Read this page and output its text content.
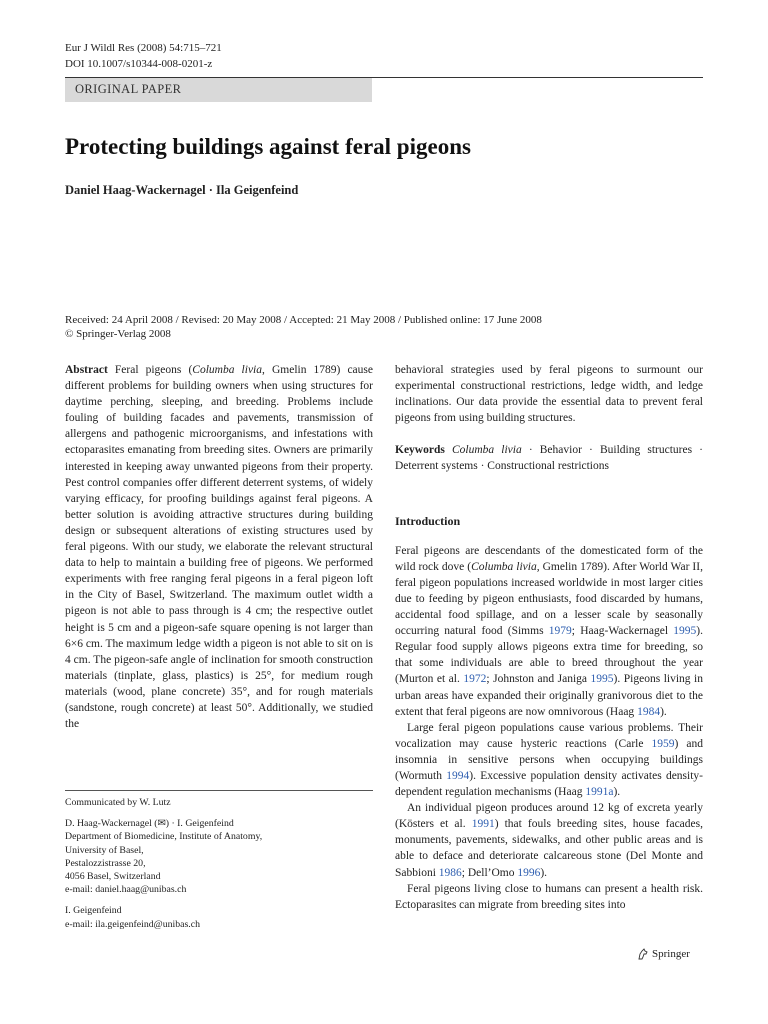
Eur J Wildl Res (2008) 54:715–721
DOI 10.1007/s10344-008-0201-z
ORIGINAL PAPER
Protecting buildings against feral pigeons
Daniel Haag-Wackernagel · Ila Geigenfeind
Received: 24 April 2008 / Revised: 20 May 2008 / Accepted: 21 May 2008 / Published online: 17 June 2008
© Springer-Verlag 2008

Abstract Feral pigeons (Columba livia, Gmelin 1789) cause different problems for building owners when using structures for daytime perching, sleeping, and breeding. Problems include fouling of building facades and pavements, transmission of allergens and pathogenic microorganisms, and infestations with ectoparasites emanating from breeding sites. Owners are primarily interested in keeping away unwanted pigeons from their property. Pest control companies offer different deterrent systems, of widely varying efficacy, for proofing buildings against feral pigeons. A better solution is avoiding attractive structures during building design or subsequent alterations of existing structures used by feral pigeons. With our study, we elaborate the relevant structural data to help to maintain a building free of pigeons. We performed experiments with free ranging feral pigeons in a feral pigeon loft in the City of Basel, Switzerland. The maximum outlet width a pigeon is not able to pass through is 4 cm; the respective outlet height is 5 cm and a pigeon-safe square opening is not larger than 6×6 cm. The maximum ledge width a pigeon is not able to sit on is 4 cm. The pigeon-safe angle of inclination for smooth construction materials (tinplate, glass, plastics) is 25°, for medium rough materials (wood, plane concrete) 35°, and for rough materials (sandstone, rough concrete) at least 50°. Additionally, we studied the

behavioral strategies used by feral pigeons to surmount our experimental constructional restrictions, ledge width, and ledge inclinations. Our data provide the essential data to prevent feral pigeons from using building structures.

Keywords Columba livia · Behavior · Building structures · Deterrent systems · Constructional restrictions

Introduction

Feral pigeons are descendants of the domesticated form of the wild rock dove (Columba livia, Gmelin 1789). After World War II, feral pigeon populations increased worldwide in most larger cities due to feeding by pigeon enthusiasts, food discarded by humans, accidental food spillage, and on a lesser scale by seasonally occurring natural food (Simms 1979; Haag-Wackernagel 1995). Regular food supply allows pigeons extra time for breeding, so that some individuals are able to breed throughout the year (Murton et al. 1972; Johnston and Janiga 1995). Pigeons living in urban areas have expanded their originally granivorous diet to the extent that feral pigeons are now omnivorous (Haag 1984).

Large feral pigeon populations cause various problems. Their vocalization may cause hysteric reactions (Carle 1959) and insomnia in sensitive persons when occupying buildings (Wormuth 1994). Excessive population density activates density-dependent regulation mechanisms (Haag 1991a).

An individual pigeon produces around 12 kg of excreta yearly (Kösters et al. 1991) that fouls breeding sites, house facades, monuments, pavements, sidewalks, and other public areas and is able to deface and deteriorate calcareous stone (Del Monte and Sabbioni 1986; Dell’Omo 1996).

Feral pigeons living close to humans can present a health risk. Ectoparasites can migrate from breeding sites into

Communicated by W. Lutz

D. Haag-Wackernagel (✉) · I. Geigenfeind

Department of Biomedicine, Institute of Anatomy,

University of Basel,

Pestalozzistrasse 20,

4056 Basel, Switzerland

e-mail: daniel.haag@unibas.ch

I. Geigenfeind

e-mail: ila.geigenfeind@unibas.ch

Springer
